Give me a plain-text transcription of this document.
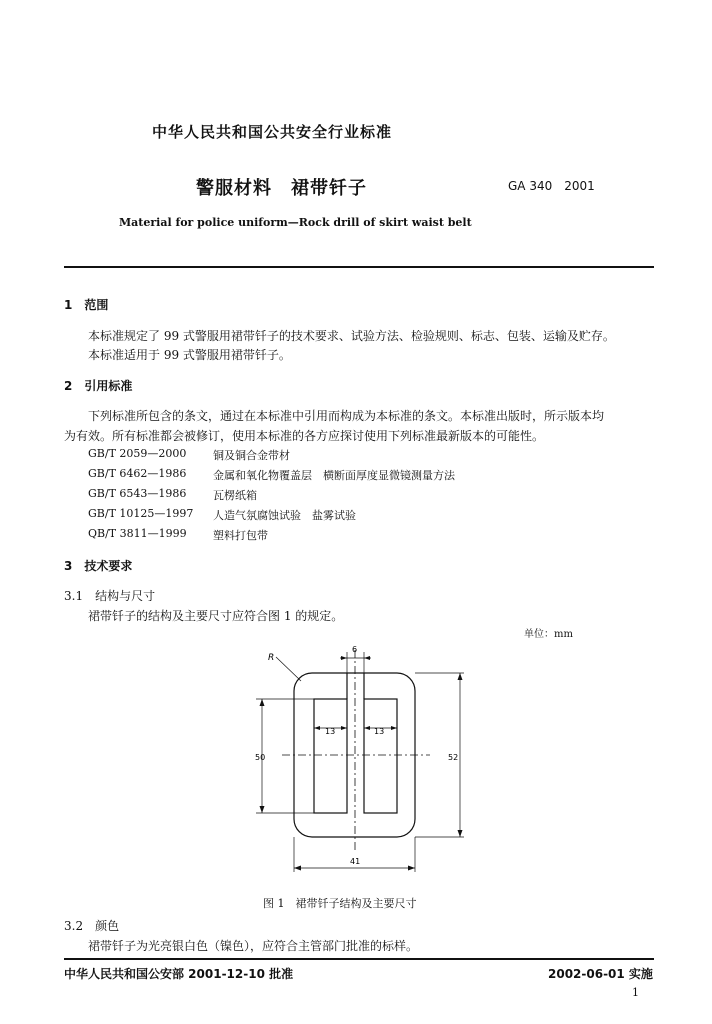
中华人民共和国公共安全行业标准
警服材料　裙带钎子	GA 340　2001
Material for police uniform—Rock drill of skirt waist belt
1　范围
本标准规定了 99 式警服用裙带钎子的技术要求、试验方法、检验规则、标志、包装、运输及贮存。
本标准适用于 99 式警服用裙带钎子。
2　引用标准
下列标准所包含的条文，通过在本标准中引用而构成为本标准的条文。本标准出版时，所示版本均
为有效。所有标准都会被修订，使用本标准的各方应探讨使用下列标准最新版本的可能性。
GB/T 2059—2000 铜及铜合金带材
GB/T 6462—1986 金属和氧化物覆盖层　横断面厚度显微镜测量方法
GB/T 6543—1986 瓦楞纸箱
GB/T 10125—1997 人造气氛腐蚀试验　盐雾试验
QB/T 3811—1999 塑料打包带
3　技术要求
3.1　结构与尺寸
裙带钎子的结构及主要尺寸应符合图 1 的规定。
单位：mm
R
6
13	13
50	52
41
图 1　裙带钎子结构及主要尺寸
3.2　颜色
裙带钎子为光亮银白色（镍色），应符合主管部门批准的标样。
中华人民共和国公安部 2001-12-10 批准	2002-06-01 实施
1
